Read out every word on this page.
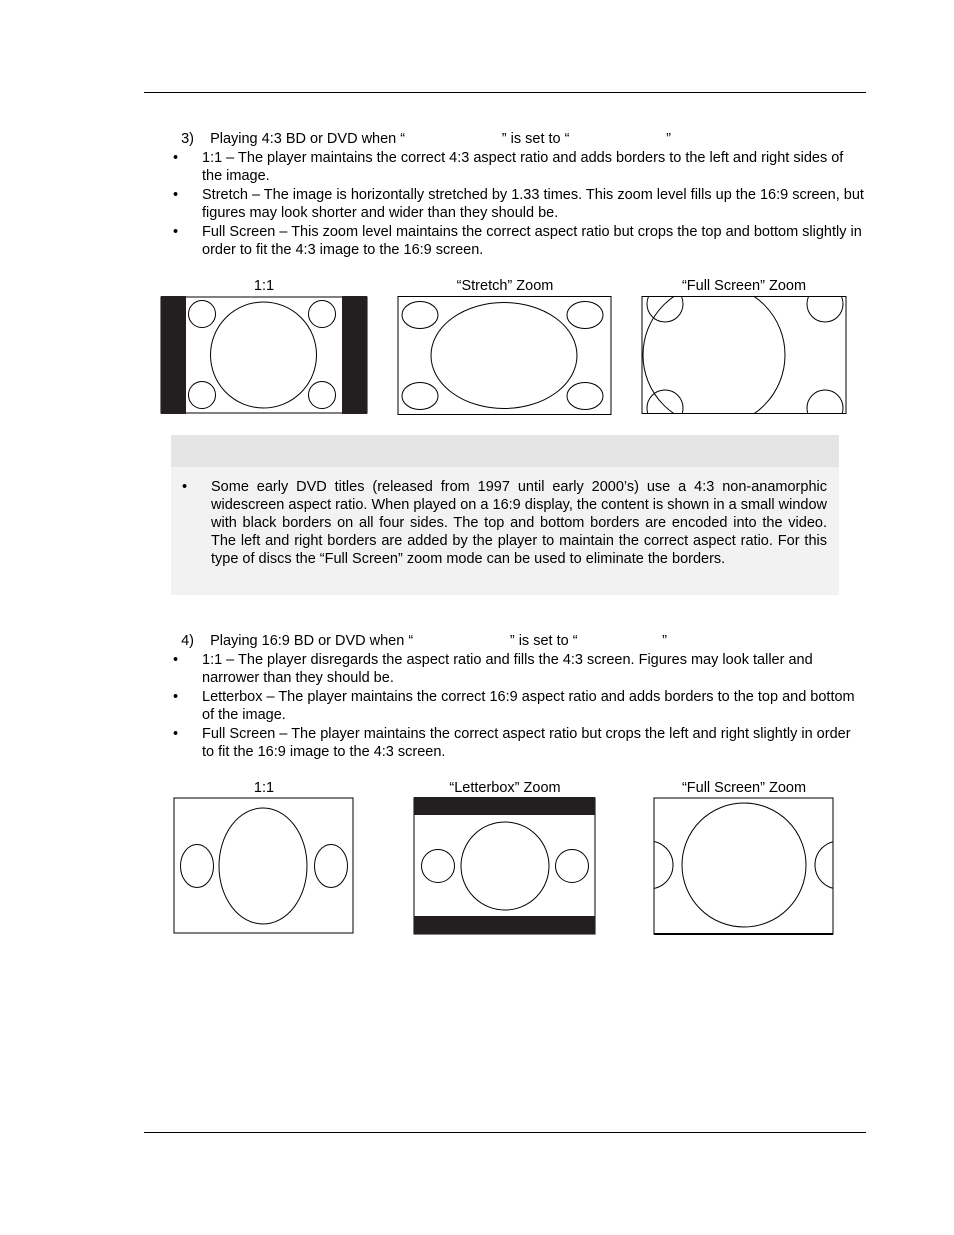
3) Playing 4:3 BD or DVD when “                        ” is set to “                        ”

• 1:1 – The player maintains the correct 4:3 aspect ratio and adds borders to the left and right sides of the image.
• Stretch – The image is horizontally stretched by 1.33 times. This zoom level fills up the 16:9 screen, but figures may look shorter and wider than they should be.
• Full Screen – This zoom level maintains the correct aspect ratio but crops the top and bottom slightly in order to fit the 4:3 image to the 16:9 screen.
1:1	“Stretch” Zoom	“Full Screen” Zoom
• Some early DVD titles (released from 1997 until early 2000’s) use a 4:3 non-anamorphic widescreen aspect ratio. When played on a 16:9 display, the content is shown in a small window with black borders on all four sides. The top and bottom borders are encoded into the video. The left and right borders are added by the player to maintain the correct aspect ratio. For this type of discs the “Full Screen” zoom mode can be used to eliminate the borders.

4) Playing 16:9 BD or DVD when “                        ” is set to “                     ”

• 1:1 – The player disregards the aspect ratio and fills the 4:3 screen. Figures may look taller and narrower than they should be.
• Letterbox – The player maintains the correct 16:9 aspect ratio and adds borders to the top and bottom of the image.
• Full Screen – The player maintains the correct aspect ratio but crops the left and right slightly in order to fit the 16:9 image to the 4:3 screen.
1:1	“Letterbox” Zoom	“Full Screen” Zoom
